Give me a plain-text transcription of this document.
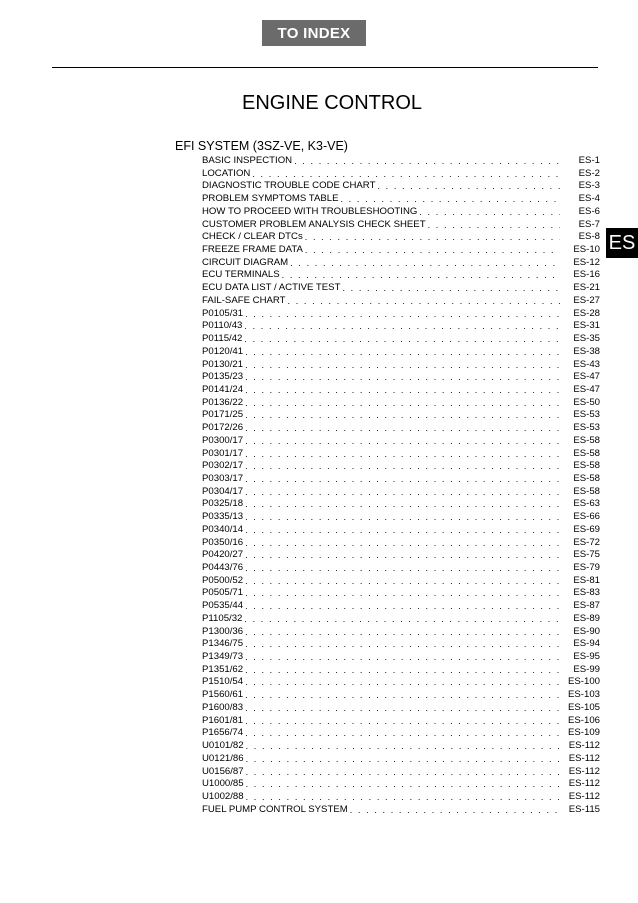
TO INDEX
ENGINE CONTROL
EFI SYSTEM (3SZ-VE, K3-VE)
BASIC INSPECTION . . .	ES-1
LOCATION . . .	ES-2
DIAGNOSTIC TROUBLE CODE CHART . . .	ES-3
PROBLEM SYMPTOMS TABLE . . .	ES-4
HOW TO PROCEED WITH TROUBLESHOOTING . . .	ES-6
CUSTOMER PROBLEM ANALYSIS CHECK SHEET . . .	ES-7
CHECK / CLEAR DTCs . . .	ES-8
FREEZE FRAME DATA . . .	ES-10
CIRCUIT DIAGRAM . . .	ES-12
ECU TERMINALS . . .	ES-16
ECU DATA LIST / ACTIVE TEST . . .	ES-21
FAIL-SAFE CHART . . .	ES-27
P0105/31 . . .	ES-28
P0110/43 . . .	ES-31
P0115/42 . . .	ES-35
P0120/41 . . .	ES-38
P0130/21 . . .	ES-43
P0135/23 . . .	ES-47
P0141/24 . . .	ES-47
P0136/22 . . .	ES-50
P0171/25 . . .	ES-53
P0172/26 . . .	ES-53
P0300/17 . . .	ES-58
P0301/17 . . .	ES-58
P0302/17 . . .	ES-58
P0303/17 . . .	ES-58
P0304/17 . . .	ES-58
P0325/18 . . .	ES-63
P0335/13 . . .	ES-66
P0340/14 . . .	ES-69
P0350/16 . . .	ES-72
P0420/27 . . .	ES-75
P0443/76 . . .	ES-79
P0500/52 . . .	ES-81
P0505/71 . . .	ES-83
P0535/44 . . .	ES-87
P1105/32 . . .	ES-89
P1300/36 . . .	ES-90
P1346/75 . . .	ES-94
P1349/73 . . .	ES-95
P1351/62 . . .	ES-99
P1510/54 . . .	ES-100
P1560/61 . . .	ES-103
P1600/83 . . .	ES-105
P1601/81 . . .	ES-106
P1656/74 . . .	ES-109
U0101/82 . . .	ES-112
U0121/86 . . .	ES-112
U0156/87 . . .	ES-112
U1000/85 . . .	ES-112
U1002/88 . . .	ES-112
FUEL PUMP CONTROL SYSTEM . . .	ES-115
ES
